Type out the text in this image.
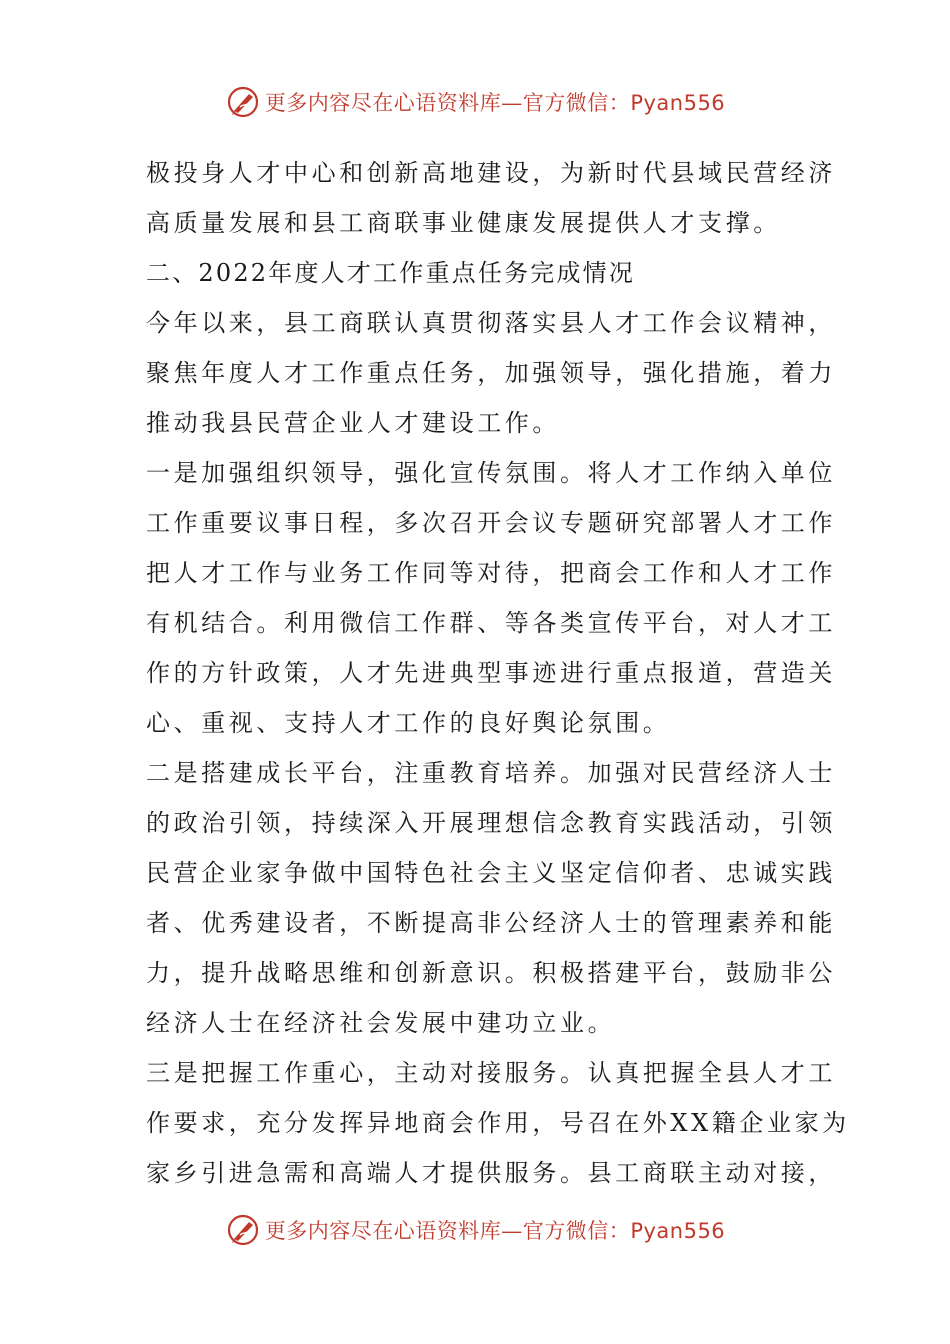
更多内容尽在心语资料库—官方微信：Pyan556
极投身人才中心和创新高地建设，为新时代县域民营经济
高质量发展和县工商联事业健康发展提供人才支撑。
二、2022年度人才工作重点任务完成情况
今年以来，县工商联认真贯彻落实县人才工作会议精神，
聚焦年度人才工作重点任务，加强领导，强化措施，着力
推动我县民营企业人才建设工作。
一是加强组织领导，强化宣传氛围。将人才工作纳入单位
工作重要议事日程，多次召开会议专题研究部署人才工作
把人才工作与业务工作同等对待，把商会工作和人才工作
有机结合。利用微信工作群、等各类宣传平台，对人才工
作的方针政策，人才先进典型事迹进行重点报道，营造关
心、重视、支持人才工作的良好舆论氛围。
二是搭建成长平台，注重教育培养。加强对民营经济人士
的政治引领，持续深入开展理想信念教育实践活动，引领
民营企业家争做中国特色社会主义坚定信仰者、忠诚实践
者、优秀建设者，不断提高非公经济人士的管理素养和能
力，提升战略思维和创新意识。积极搭建平台，鼓励非公
经济人士在经济社会发展中建功立业。
三是把握工作重心，主动对接服务。认真把握全县人才工
作要求，充分发挥异地商会作用，号召在外XX籍企业家为
家乡引进急需和高端人才提供服务。县工商联主动对接，
更多内容尽在心语资料库—官方微信：Pyan556
